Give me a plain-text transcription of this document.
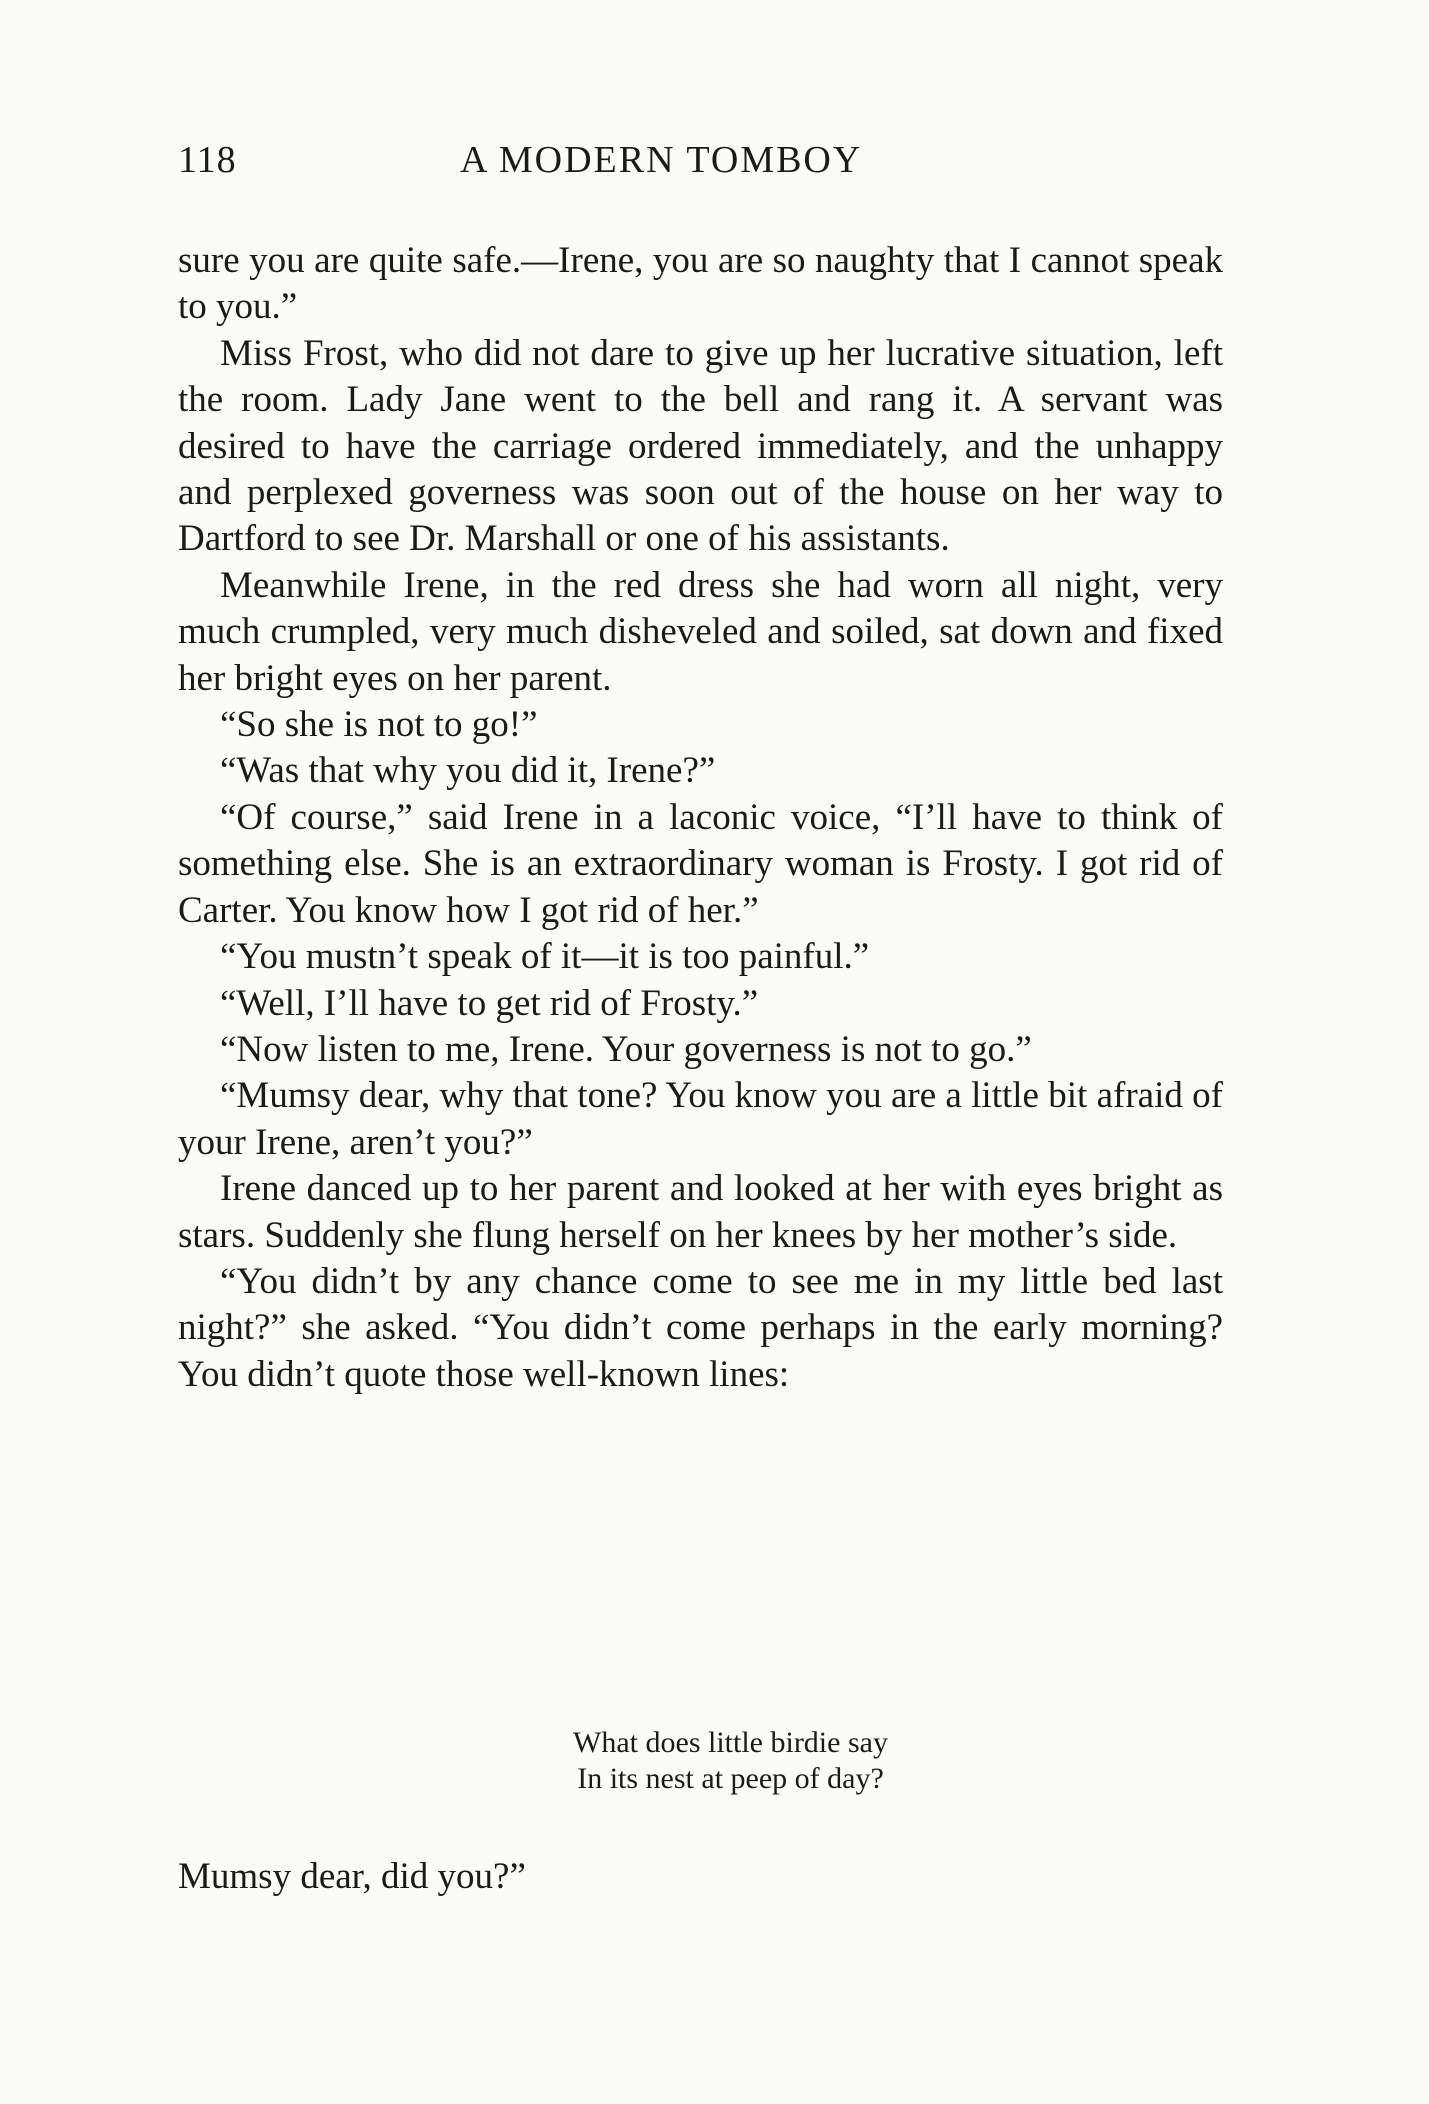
118	A MODERN TOMBOY

sure you are quite safe.—Irene, you are so naughty that I cannot speak to you.”

Miss Frost, who did not dare to give up her lucrative situation, left the room. Lady Jane went to the bell and rang it. A servant was desired to have the carriage ordered immediately, and the unhappy and perplexed governess was soon out of the house on her way to Dartford to see Dr. Marshall or one of his assistants.

Meanwhile Irene, in the red dress she had worn all night, very much crumpled, very much disheveled and soiled, sat down and fixed her bright eyes on her parent.

“So she is not to go!”

“Was that why you did it, Irene?”

“Of course,” said Irene in a laconic voice, “I’ll have to think of something else. She is an extraordinary woman is Frosty. I got rid of Carter. You know how I got rid of her.”

“You mustn’t speak of it—it is too painful.”

“Well, I’ll have to get rid of Frosty.”

“Now listen to me, Irene. Your governess is not to go.”

“Mumsy dear, why that tone? You know you are a little bit afraid of your Irene, aren’t you?”

Irene danced up to her parent and looked at her with eyes bright as stars. Suddenly she flung herself on her knees by her mother’s side.

“You didn’t by any chance come to see me in my little bed last night?” she asked. “You didn’t come perhaps in the early morning? You didn’t quote those well-known lines:

What does little birdie say
In its nest at peep of day?
Mumsy dear, did you?”
